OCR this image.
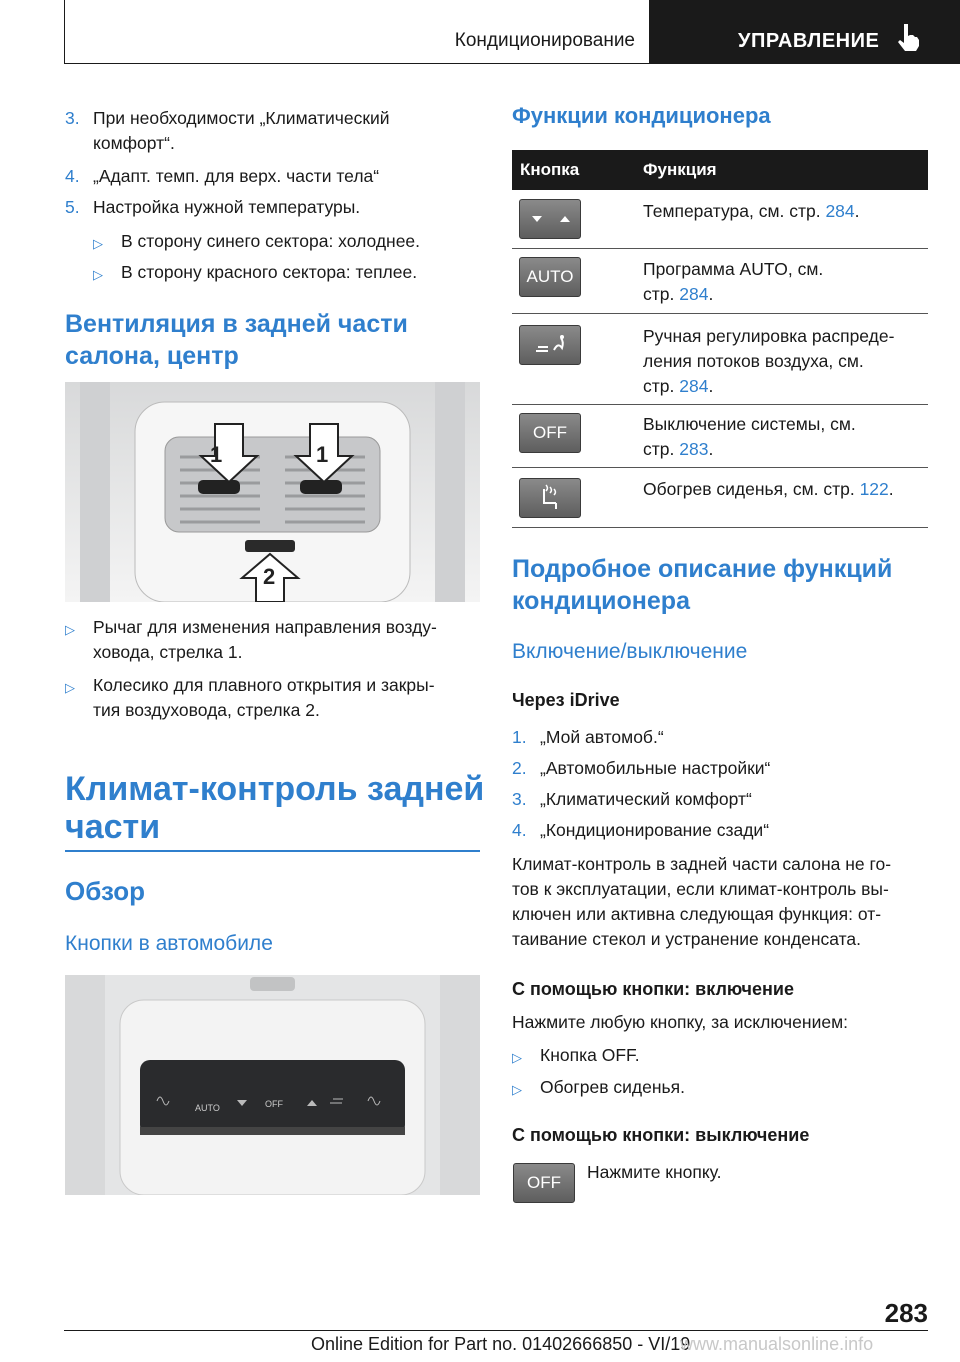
Кондиционирование	УПРАВЛЕНИЕ
3. При необходимости „Климатический
комфорт“.
4. „Адапт. темп. для верх. части тела“
5. Настройка нужной температуры.
▷ В сторону синего сектора: холоднее.
▷ В сторону красного сектора: теплее.
Вентиляция в задней части
салона, центр
1	1
2
▷ Рычаг для изменения направления возду-
ховода, стрелка 1.
▷ Колесико для плавного открытия и закры-
тия воздуховода, стрелка 2.
Климат-контроль задней
части
Обзор
Кнопки в автомобиле
AUTO	OFF
Функции кондиционера
Кнопка	Функция
Температура, см. стр. 284.
AUTO	Программа AUTO, см.
стр. 284.
Ручная регулировка распреде-
ления потоков воздуха, см.
стр. 284.
OFF	Выключение системы, см.
стр. 283.
Обогрев сиденья, см. стр. 122.
Подробное описание функций
кондиционера
Включение/выключение
Через iDrive
1. „Мой автомоб.“
2. „Автомобильные настройки“
3. „Климатический комфорт“
4. „Кондиционирование сзади“
Климат-контроль в задней части салона не го-
тов к эксплуатации, если климат-контроль вы-
ключен или активна следующая функция: от-
таивание стекол и устранение конденсата.
С помощью кнопки: включение
Нажмите любую кнопку, за исключением:
▷ Кнопка OFF.
▷ Обогрев сиденья.
С помощью кнопки: выключение
OFF
Нажмите кнопку.
283
Online Edition for Part no. 01402666850 - VI/19
www.manualsonline.info
